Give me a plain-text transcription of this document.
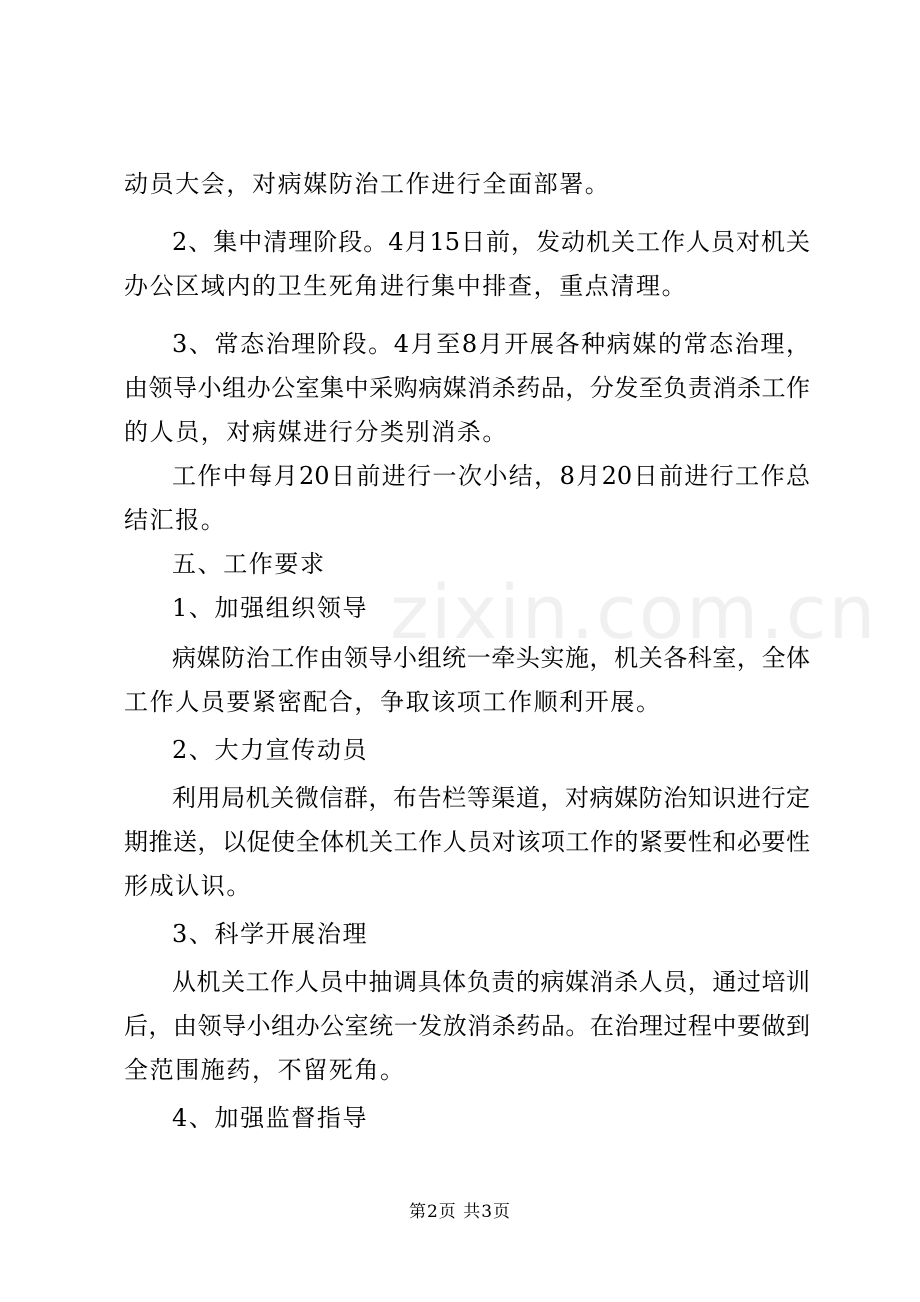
zixin.com.cn
动员大会，对病媒防治工作进行全面部署。
2、集中清理阶段。4月15日前，发动机关工作人员对机关
办公区域内的卫生死角进行集中排查，重点清理。
3、常态治理阶段。4月至8月开展各种病媒的常态治理，
由领导小组办公室集中采购病媒消杀药品，分发至负责消杀工作
的人员，对病媒进行分类别消杀。
工作中每月20日前进行一次小结，8月20日前进行工作总
结汇报。
五、工作要求
1、加强组织领导
病媒防治工作由领导小组统一牵头实施，机关各科室，全体
工作人员要紧密配合，争取该项工作顺利开展。
2、大力宣传动员
利用局机关微信群，布告栏等渠道，对病媒防治知识进行定
期推送，以促使全体机关工作人员对该项工作的紧要性和必要性
形成认识。
3、科学开展治理
从机关工作人员中抽调具体负责的病媒消杀人员，通过培训
后，由领导小组办公室统一发放消杀药品。在治理过程中要做到
全范围施药，不留死角。
4、加强监督指导
第2页 共3页
